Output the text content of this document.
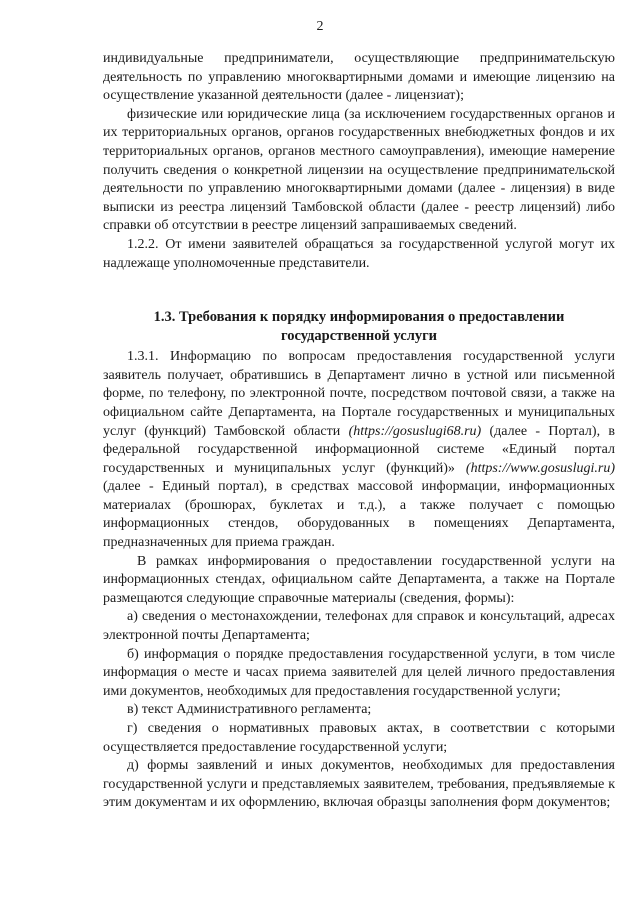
2

индивидуальные предприниматели, осуществляющие предпринимательскую деятельность по управлению многоквартирными домами и имеющие лицензию на осуществление указанной деятельности (далее - лицензиат);

физические или юридические лица (за исключением государственных органов и их территориальных органов, органов государственных внебюджетных фондов и их территориальных органов, органов местного самоуправления), имеющие намерение получить сведения о конкретной лицензии на осуществление предпринимательской деятельности по управлению многоквартирными домами (далее - лицензия) в виде выписки из реестра лицензий Тамбовской области (далее - реестр лицензий) либо справки об отсутствии в реестре лицензий запрашиваемых сведений.

1.2.2. От имени заявителей обращаться за государственной услугой могут их надлежаще уполномоченные представители.

1.3. Требования к порядку информирования о предоставлении государственной услуги

1.3.1. Информацию по вопросам предоставления государственной услуги заявитель получает, обратившись в Департамент лично в устной или письменной форме, по телефону, по электронной почте, посредством почтовой связи, а также на официальном сайте Департамента, на Портале государственных и муниципальных услуг (функций) Тамбовской области (https://gosuslugi68.ru) (далее - Портал), в федеральной государственной информационной системе «Единый портал государственных и муниципальных услуг (функций)» (https://www.gosuslugi.ru) (далее - Единый портал), в средствах массовой информации, информационных материалах (брошюрах, буклетах и т.д.), а также получает с помощью информационных стендов, оборудованных в помещениях Департамента, предназначенных для приема граждан.

В рамках информирования о предоставлении государственной услуги на информационных стендах, официальном сайте Департамента, а также на Портале размещаются следующие справочные материалы (сведения, формы):

а) сведения о местонахождении, телефонах для справок и консультаций, адресах электронной почты Департамента;

б) информация о порядке предоставления государственной услуги, в том числе информация о месте и часах приема заявителей для целей личного предоставления ими документов, необходимых для предоставления государственной услуги;

в) текст Административного регламента;

г) сведения о нормативных правовых актах, в соответствии с которыми осуществляется предоставление государственной услуги;

д) формы заявлений и иных документов, необходимых для предоставления государственной услуги и представляемых заявителем, требования, предъявляемые к этим документам и их оформлению, включая образцы заполнения форм документов;
